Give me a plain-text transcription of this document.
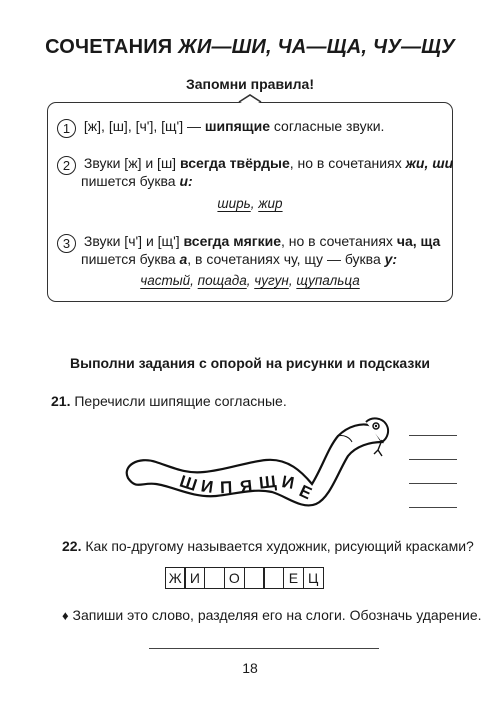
СОЧЕТАНИЯ ЖИ—ШИ, ЧА—ЩА, ЧУ—ЩУ
Запомни правила!
1 [ж], [ш], [ч'], [щ'] — шипящие согласные звуки.
2 Звуки [ж] и [ш] всегда твёрдые, но в сочетаниях жи, ши
пишется буква и:
ширь, жир
3 Звуки [ч'] и [щ'] всегда мягкие, но в сочетаниях ча, ща
пишется буква а, в сочетаниях чу, щу — буква у:
частый, пощада, чугун, щупальца
Выполни задания с опорой на рисунки и подсказки
21. Перечисли шипящие согласные.
Ш И П Я Щ И Е
22. Как по-другому называется художник, рисующий красками?
Ж И	О	Е Ц
♦ Запиши это слово, разделяя его на слоги. Обозначь ударение.
18
